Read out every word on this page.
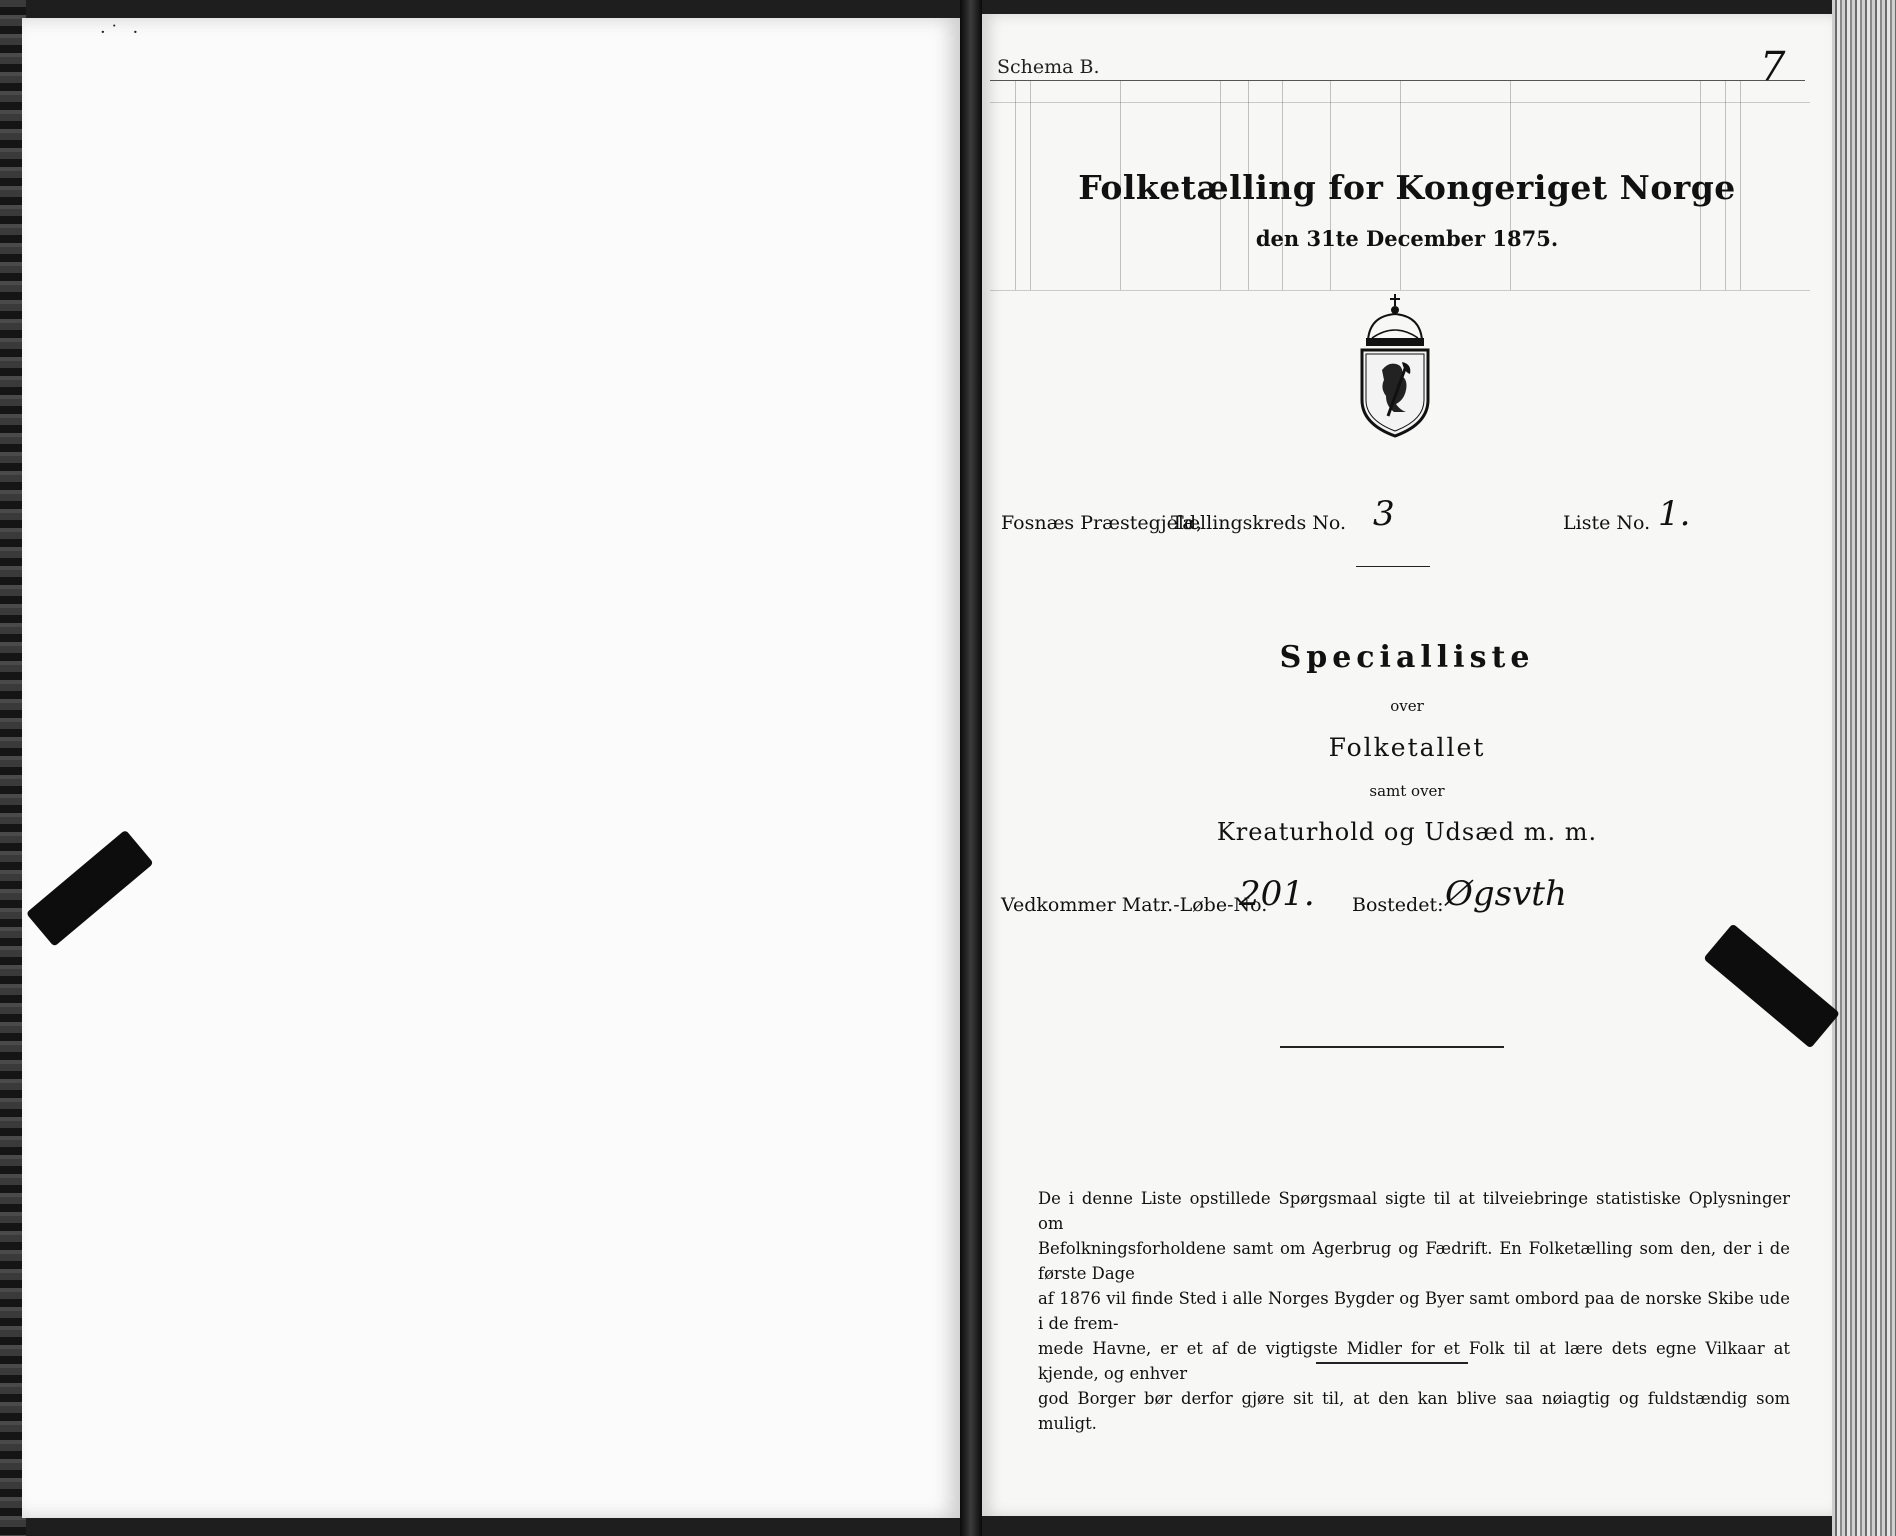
·˙ ·
Schema B.	7
Folketælling for Kongeriget Norge
den 31te December 1875.
Fosnæs Præstegjeld,
Tællingskreds No. 3	Liste No. 1.
Specialliste
over
Folketallet
samt over
Kreaturhold og Udsæd m. m.
Vedkommer Matr.-Løbe-No.
201. Bostedet: Øgsvth
De i denne Liste opstillede Spørgsmaal sigte til at tilveiebringe statistiske Oplysninger om
Befolkningsforholdene samt om Agerbrug og Fædrift. En Folketælling som den, der i de første Dage
af 1876 vil finde Sted i alle Norges Bygder og Byer samt ombord paa de norske Skibe ude i de frem-
mede Havne, er et af de vigtigste Midler for et Folk til at lære dets egne Vilkaar at kjende, og enhver
god Borger bør derfor gjøre sit til, at den kan blive saa nøiagtig og fuldstændig som muligt.
